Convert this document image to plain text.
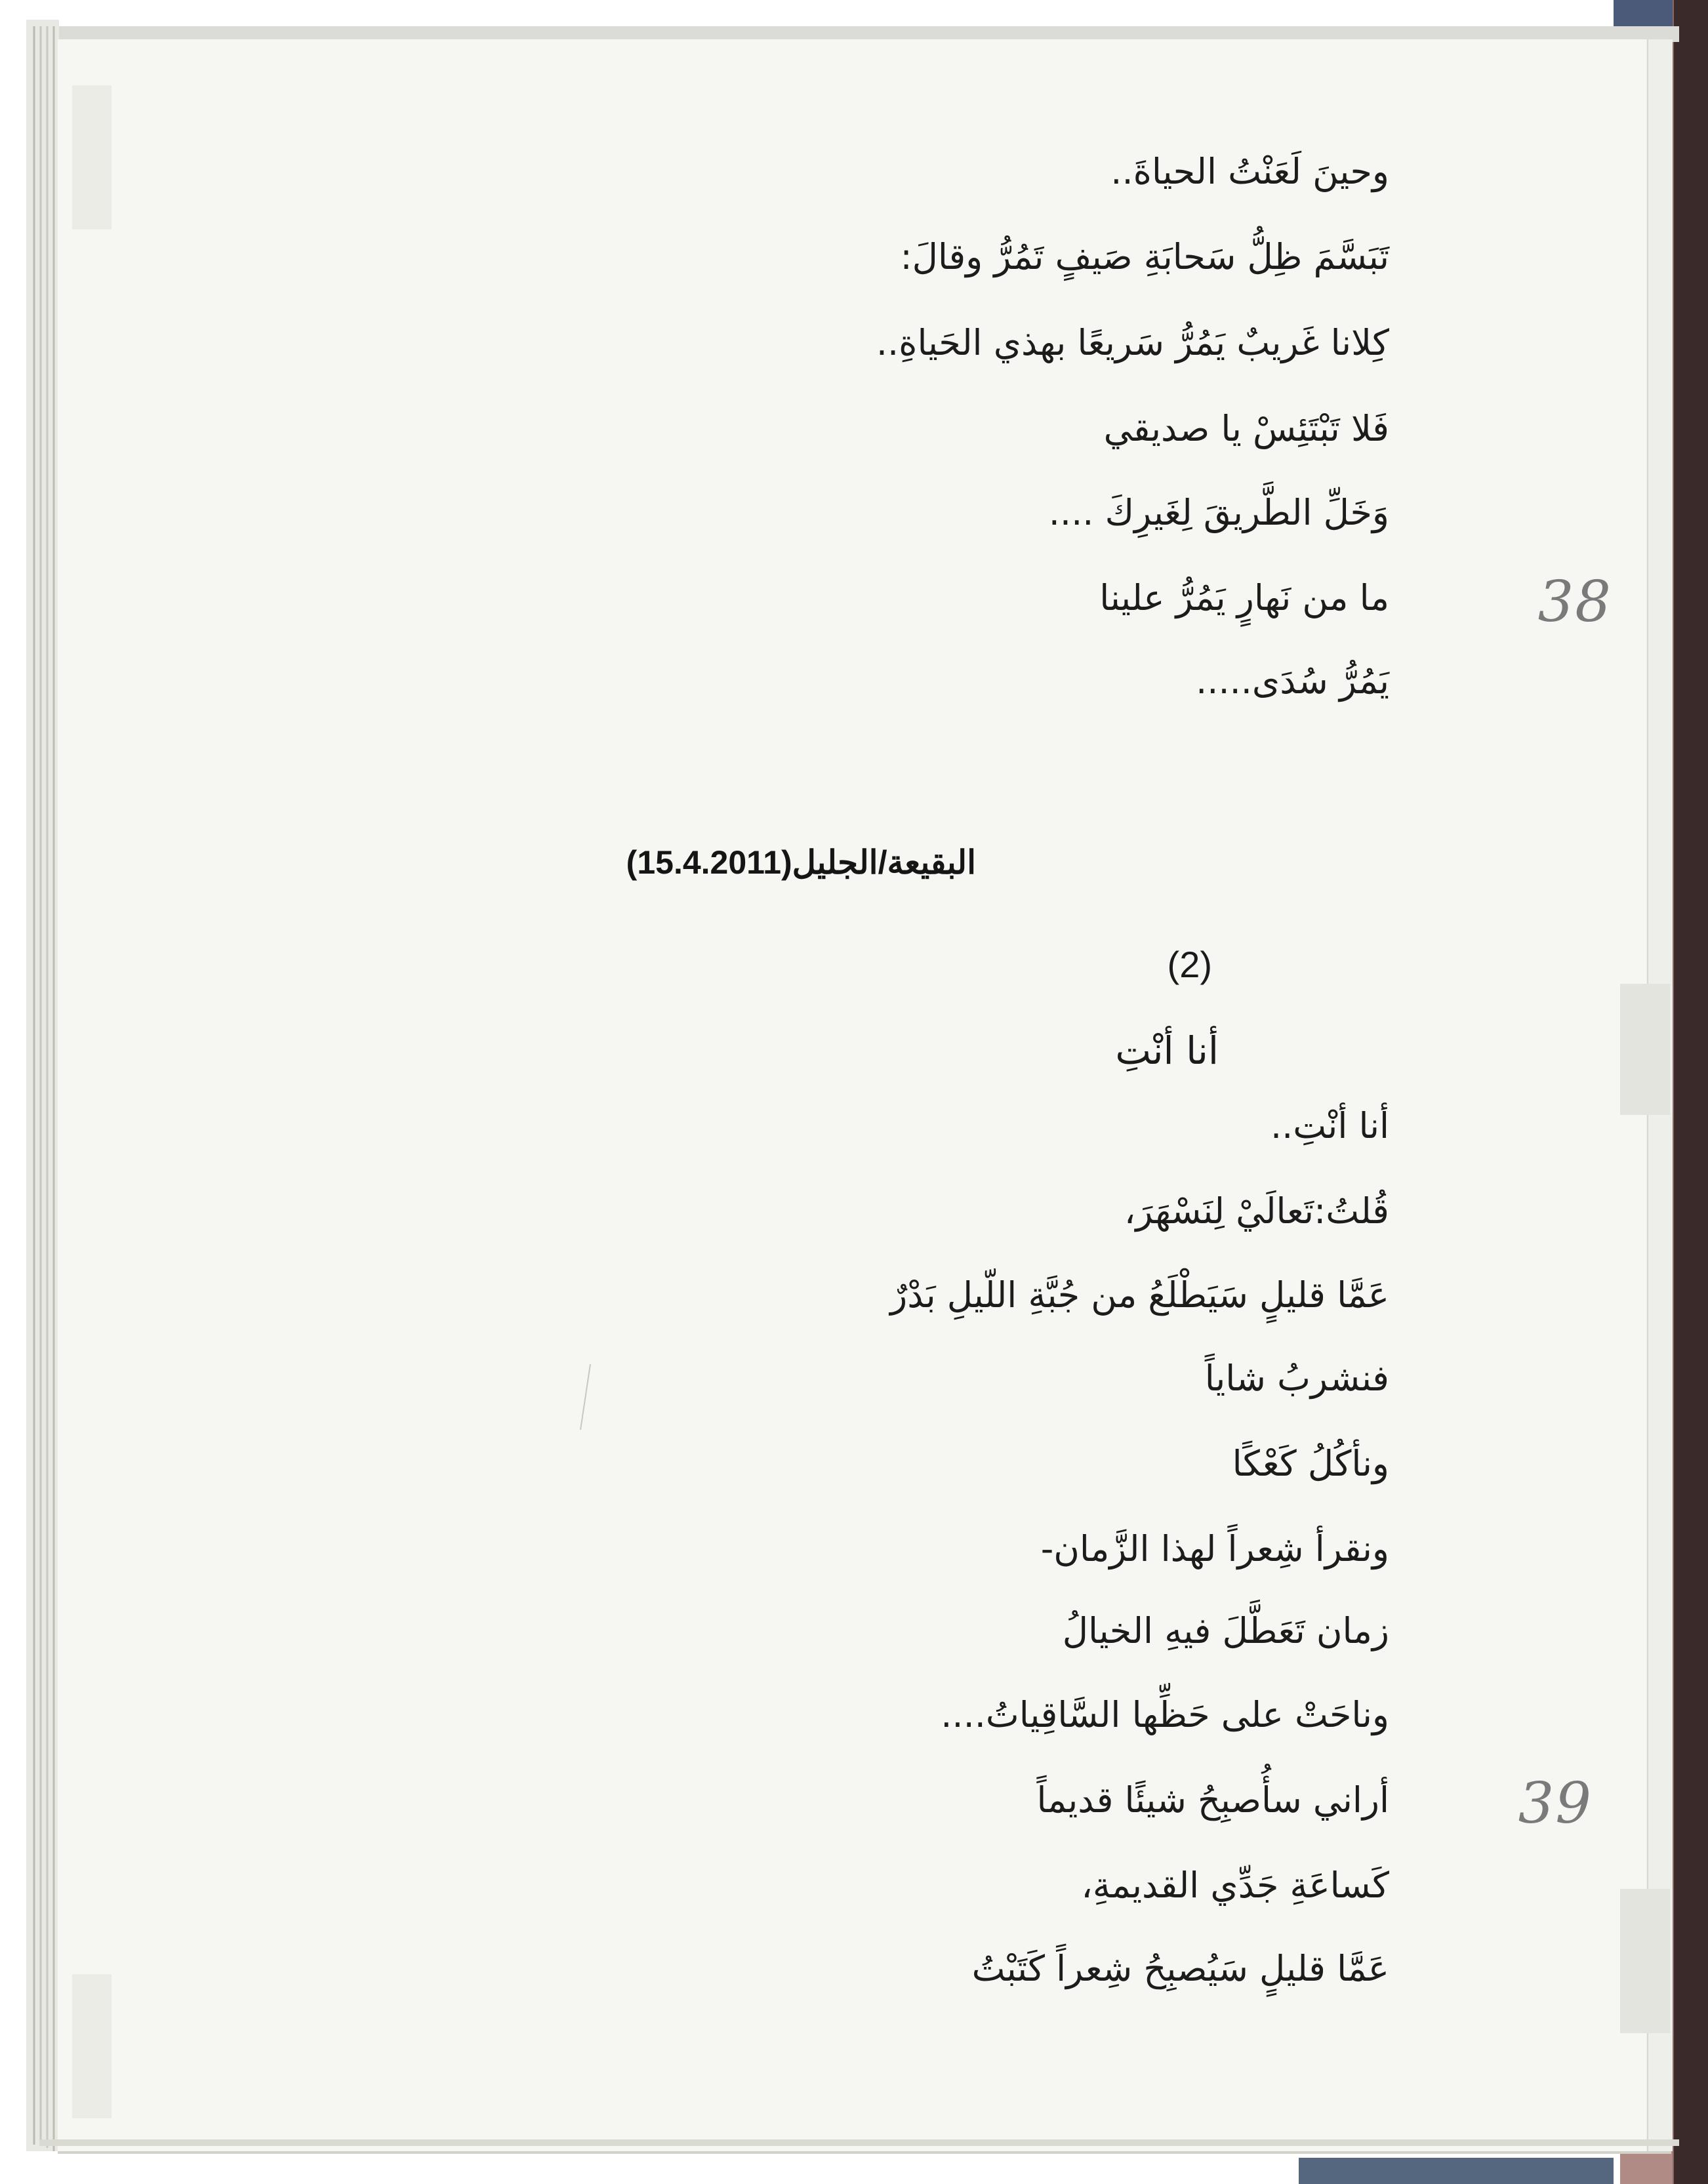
وحينَ لَعَنْتُ الحياةَ..
تَبَسَّمَ ظِلُّ سَحابَةِ صَيفٍ تَمُرُّ وقالَ:
كِلانا غَريبٌ يَمُرُّ سَريعًا بهذي الحَياةِ..
فَلا تَبْتَئِسْ يا صديقي
وَخَلِّ الطَّريقَ لِغَيرِكَ ....
ما من نَهارٍ يَمُرُّ علينا
يَمُرُّ سُدَى.....
البقيعة/الجليل(15.4.2011)
(2)
أنا أنْتِ
أنا أنْتِ..
قُلتُ:تَعالَيْ لِنَسْهَرَ،
عَمَّا قليلٍ سَيَطْلَعُ من جُبَّةِ اللّيلِ بَدْرٌ
فنشربُ شاياً
ونأكُلُ كَعْكًا
ونقرأ شِعراً لهذا الزَّمان-
زمان تَعَطَّلَ فيهِ الخيالُ
وناحَتْ على حَظِّها السَّاقِياتُ....
أراني سأُصبِحُ شيئًا قديماً
كَساعَةِ جَدِّي القديمةِ،
عَمَّا قليلٍ سَيُصبِحُ شِعراً كَتَبْتُ
38
39
